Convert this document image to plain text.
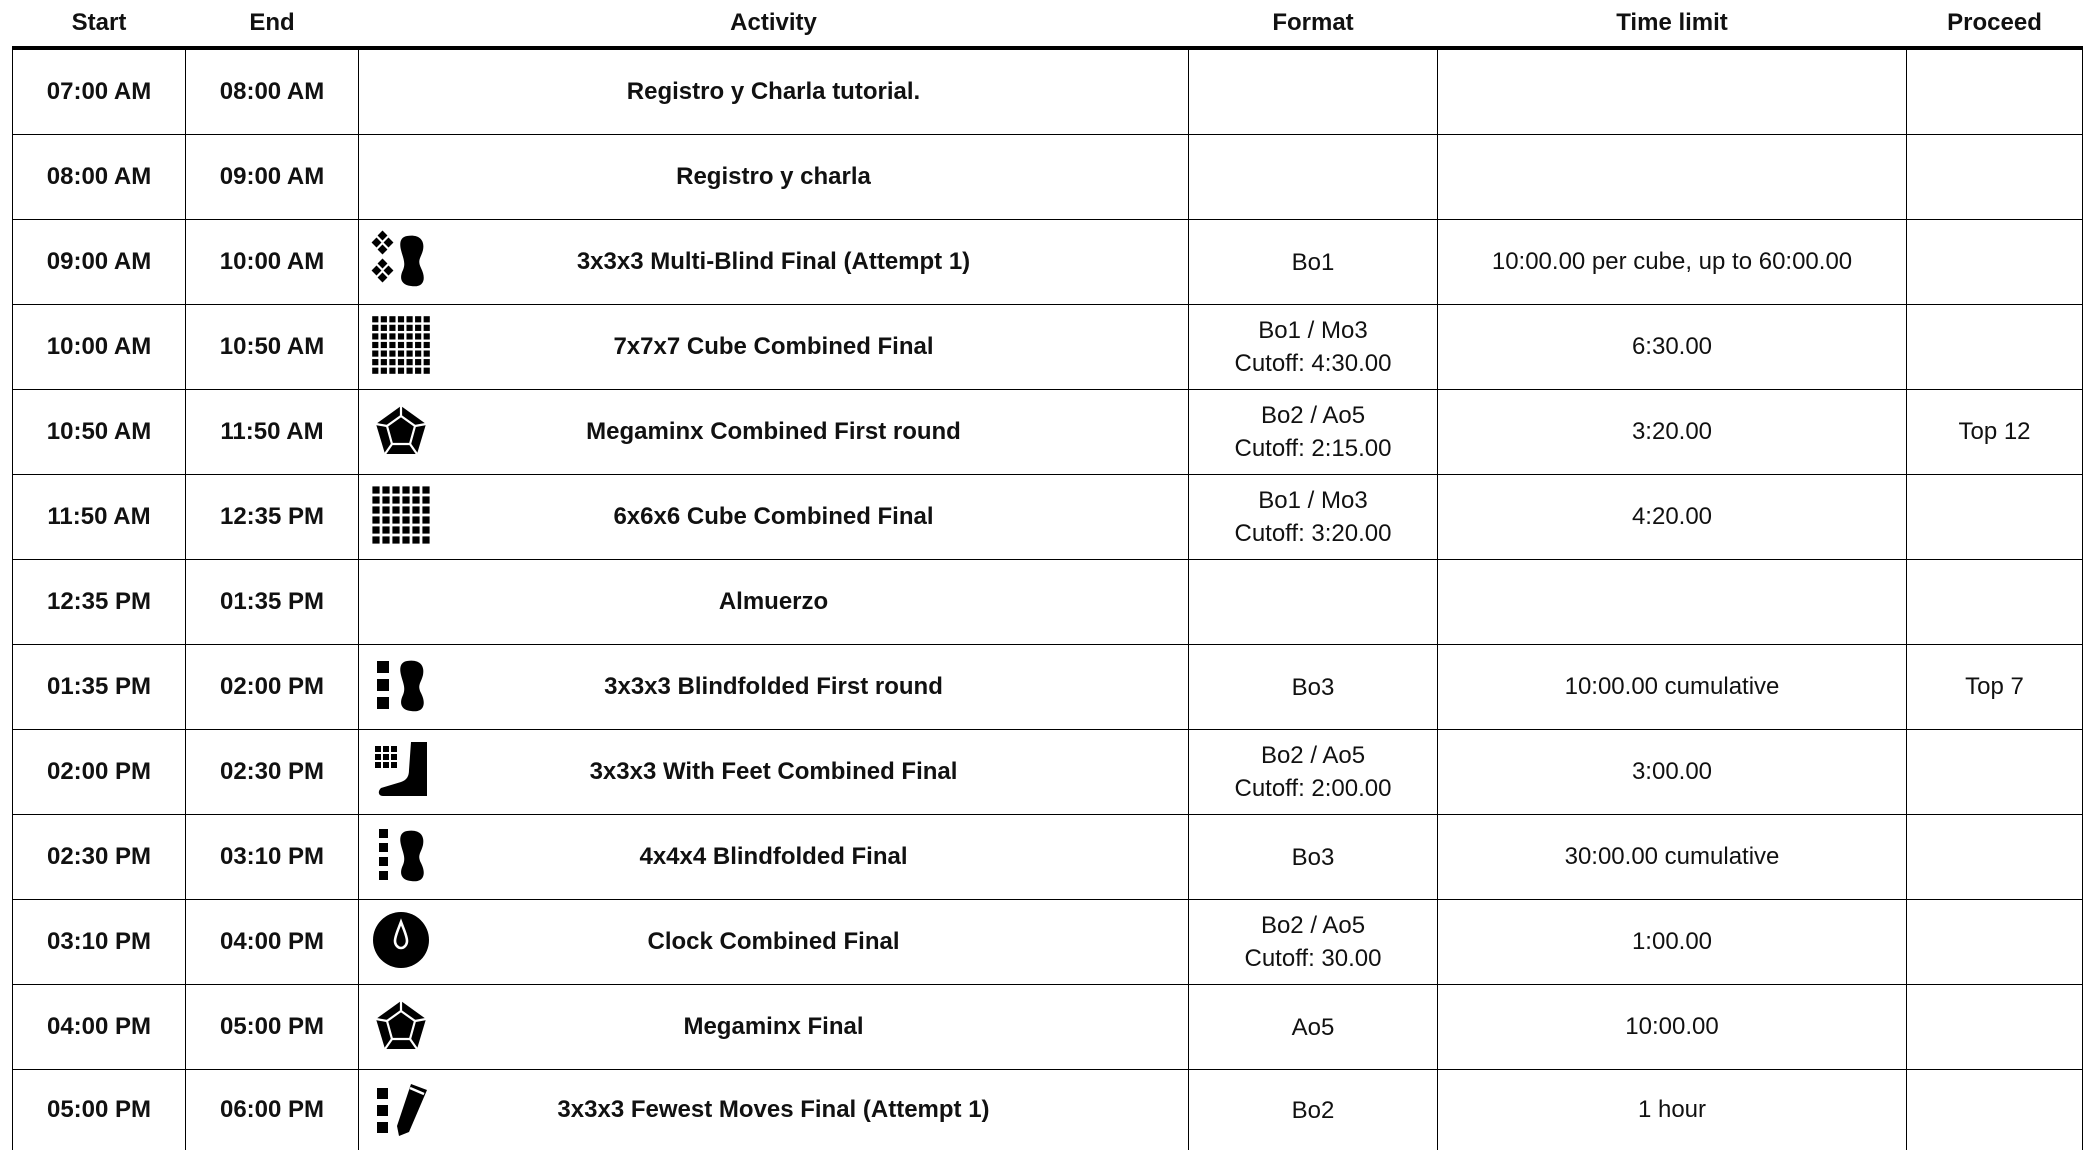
Start	End	Activity	Format	Time limit	Proceed
07:00 AM	08:00 AM	Registro y Charla tutorial.	

08:00 AM	09:00 AM	Registro y charla	

09:00 AM	10:00 AM	3x3x3 Multi-Blind Final (Attempt 1)	Bo1	10:00.00 per cube, up to 60:00.00	
10:00 AM	10:50 AM	7x7x7 Cube Combined Final	Bo1 / Mo3
Cutoff: 4:30.00	6:30.00	
10:50 AM	11:50 AM	Megaminx Combined First round	Bo2 / Ao5
Cutoff: 2:15.00	3:20.00	Top 12
11:50 AM	12:35 PM	6x6x6 Cube Combined Final	Bo1 / Mo3
Cutoff: 3:20.00	4:20.00	
12:35 PM	01:35 PM	Almuerzo	

01:35 PM	02:00 PM	3x3x3 Blindfolded First round	Bo3	10:00.00 cumulative	Top 7
02:00 PM	02:30 PM	3x3x3 With Feet Combined Final	Bo2 / Ao5
Cutoff: 2:00.00	3:00.00	
02:30 PM	03:10 PM	4x4x4 Blindfolded Final	Bo3	30:00.00 cumulative	
03:10 PM	04:00 PM	Clock Combined Final	Bo2 / Ao5
Cutoff: 30.00	1:00.00	
04:00 PM	05:00 PM	Megaminx Final	Ao5	10:00.00	
05:00 PM	06:00 PM	3x3x3 Fewest Moves Final (Attempt 1)	Bo2	1 hour	
